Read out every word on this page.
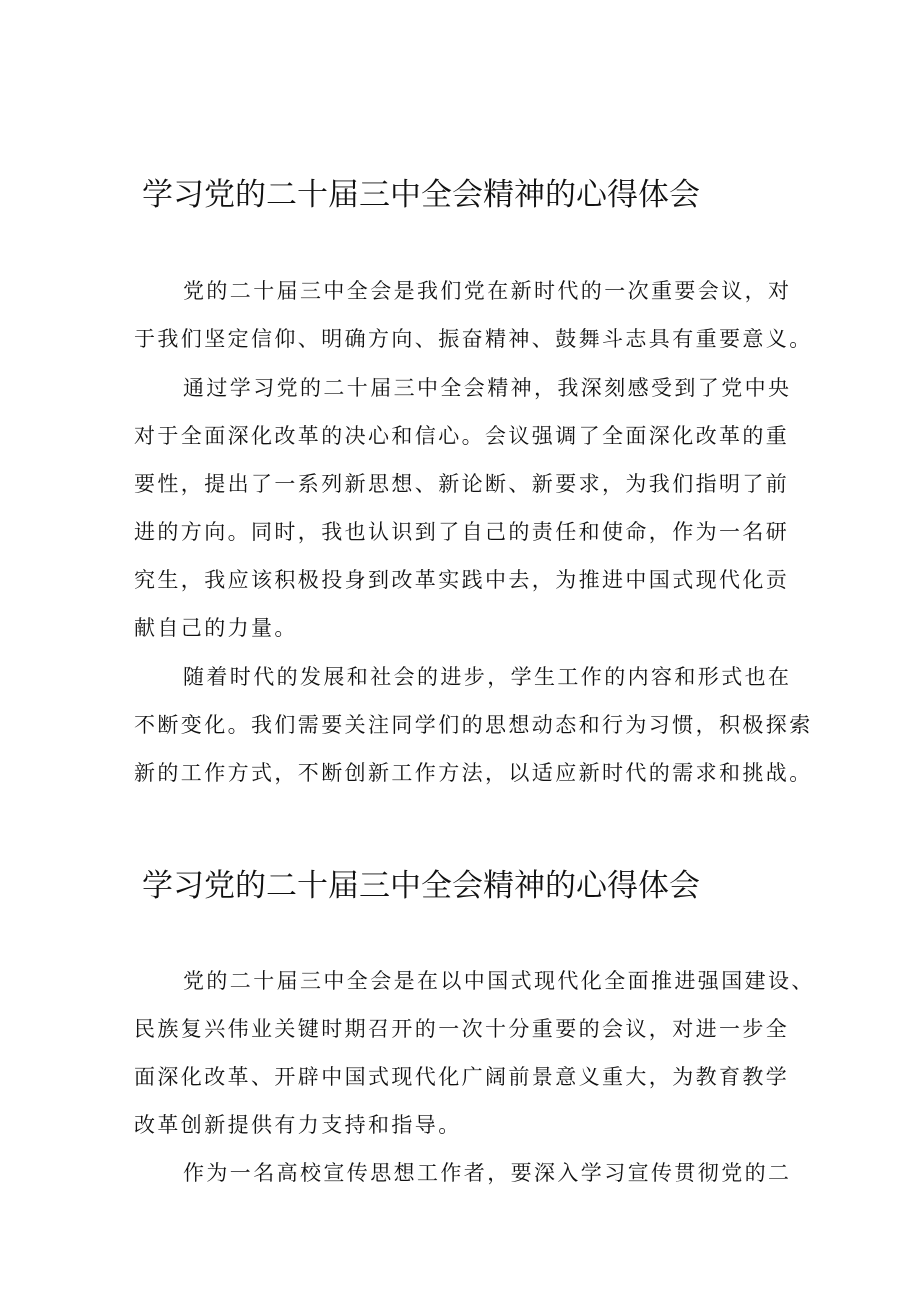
学习党的二十届三中全会精神的心得体会

党的二十届三中全会是我们党在新时代的一次重要会议，对

于我们坚定信仰、明确方向、振奋精神、鼓舞斗志具有重要意义。

通过学习党的二十届三中全会精神，我深刻感受到了党中央

对于全面深化改革的决心和信心。会议强调了全面深化改革的重

要性，提出了一系列新思想、新论断、新要求，为我们指明了前

进的方向。同时，我也认识到了自己的责任和使命，作为一名研

究生，我应该积极投身到改革实践中去，为推进中国式现代化贡

献自己的力量。

随着时代的发展和社会的进步，学生工作的内容和形式也在

不断变化。我们需要关注同学们的思想动态和行为习惯，积极探索

新的工作方式，不断创新工作方法，以适应新时代的需求和挑战。

学习党的二十届三中全会精神的心得体会

党的二十届三中全会是在以中国式现代化全面推进强国建设、

民族复兴伟业关键时期召开的一次十分重要的会议，对进一步全

面深化改革、开辟中国式现代化广阔前景意义重大，为教育教学

改革创新提供有力支持和指导。

作为一名高校宣传思想工作者，要深入学习宣传贯彻党的二
